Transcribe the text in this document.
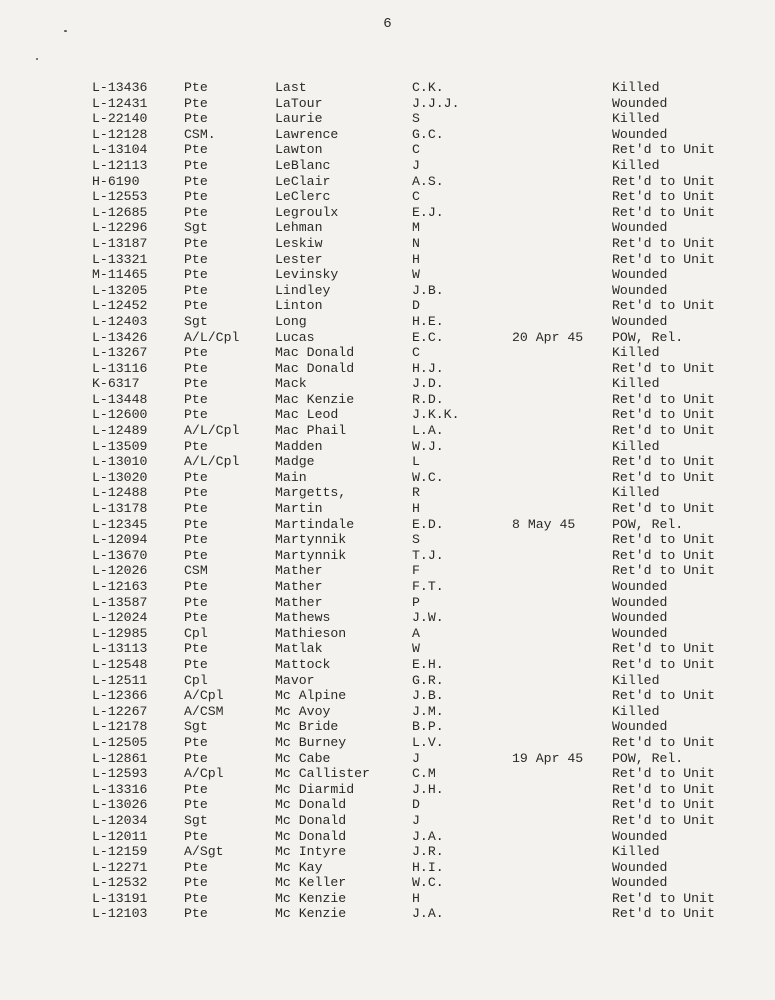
6
L-13436	Pte	Last	C.K.	Killed
L-12431	Pte	LaTour	J.J.J.	Wounded
L-22140	Pte	Laurie	S	Killed
L-12128	CSM.	Lawrence	G.C.	Wounded
L-13104	Pte	Lawton	C	Ret'd to Unit
L-12113	Pte	LeBlanc	J	Killed
H-6190	Pte	LeClair	A.S.	Ret'd to Unit
L-12553	Pte	LeClerc	C	Ret'd to Unit
L-12685	Pte	Legroulx	E.J.	Ret'd to Unit
L-12296	Sgt	Lehman	M	Wounded
L-13187	Pte	Leskiw	N	Ret'd to Unit
L-13321	Pte	Lester	H	Ret'd to Unit
M-11465	Pte	Levinsky	W	Wounded
L-13205	Pte	Lindley	J.B.	Wounded
L-12452	Pte	Linton	D	Ret'd to Unit
L-12403	Sgt	Long	H.E.	Wounded
L-13426	A/L/Cpl	Lucas	E.C.	20 Apr 45 POW, Rel.
L-13267	Pte	Mac Donald	C	Killed
L-13116	Pte	Mac Donald	H.J.	Ret'd to Unit
K-6317	Pte	Mack	J.D.	Killed
L-13448	Pte	Mac Kenzie	R.D.	Ret'd to Unit
L-12600	Pte	Mac Leod	J.K.K.	Ret'd to Unit
L-12489	A/L/Cpl	Mac Phail	L.A.	Ret'd to Unit
L-13509	Pte	Madden	W.J.	Killed
L-13010	A/L/Cpl	Madge	L	Ret'd to Unit
L-13020	Pte	Main	W.C.	Ret'd to Unit
L-12488	Pte	Margetts,	R	Killed
L-13178	Pte	Martin	H	Ret'd to Unit
L-12345	Pte	Martindale	E.D.	8 May 45	POW, Rel.
L-12094	Pte	Martynnik	S	Ret'd to Unit
L-13670	Pte	Martynnik	T.J.	Ret'd to Unit
L-12026	CSM	Mather	F	Ret'd to Unit
L-12163	Pte	Mather	F.T.	Wounded
L-13587	Pte	Mather	P	Wounded
L-12024	Pte	Mathews	J.W.	Wounded
L-12985	Cpl	Mathieson	A	Wounded
L-13113	Pte	Matlak	W	Ret'd to Unit
L-12548	Pte	Mattock	E.H.	Ret'd to Unit
L-12511	Cpl	Mavor	G.R.	Killed
L-12366	A/Cpl	Mc Alpine	J.B.	Ret'd to Unit
L-12267	A/CSM	Mc Avoy	J.M.	Killed
L-12178	Sgt	Mc Bride	B.P.	Wounded
L-12505	Pte	Mc Burney	L.V.	Ret'd to Unit
L-12861	Pte	Mc Cabe	J	19 Apr 45 POW, Rel.
L-12593	A/Cpl	Mc Callister	C.M	Ret'd to Unit
L-13316	Pte	Mc Diarmid	J.H.	Ret'd to Unit
L-13026	Pte	Mc Donald	D	Ret'd to Unit
L-12034	Sgt	Mc Donald	J	Ret'd to Unit
L-12011	Pte	Mc Donald	J.A.	Wounded
L-12159	A/Sgt	Mc Intyre	J.R.	Killed
L-12271	Pte	Mc Kay	H.I.	Wounded
L-12532	Pte	Mc Keller	W.C.	Wounded
L-13191	Pte	Mc Kenzie	H	Ret'd to Unit
L-12103	Pte	Mc Kenzie	J.A.	Ret'd to Unit
